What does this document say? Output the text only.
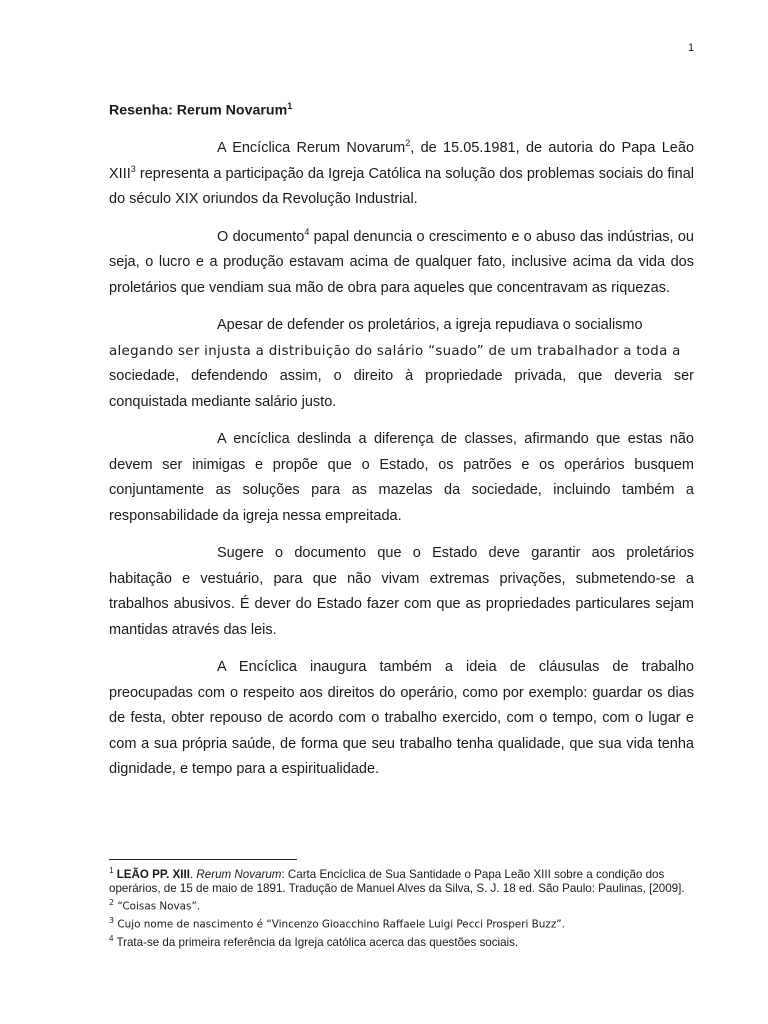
1
Resenha: Rerum Novarum$^1$

A Encíclica Rerum Novarum$^2$, de 15.05.1981, de autoria do Papa Leão XIII$^3$ representa a participação da Igreja Católica na solução dos problemas sociais do final do século XIX oriundos da Revolução Industrial.

O documento$^4$ papal denuncia o crescimento e o abuso das indústrias, ou seja, o lucro e a produção estavam acima de qualquer fato, inclusive acima da vida dos proletários que vendiam sua mão de obra para aqueles que concentravam as riquezas.

Apesar de defender os proletários, a igreja repudiava o socialismo
alegando ser injusta a distribuição do salário “suado” de um trabalhador a toda a
sociedade, defendendo assim, o direito à propriedade privada, que deveria ser conquistada mediante salário justo.

A encíclica deslinda a diferença de classes, afirmando que estas não devem ser inimigas e propõe que o Estado, os patrões e os operários busquem conjuntamente as soluções para as mazelas da sociedade, incluindo também a responsabilidade da igreja nessa empreitada.

Sugere o documento que o Estado deve garantir aos proletários habitação e vestuário, para que não vivam extremas privações, submetendo-se a trabalhos abusivos. É dever do Estado fazer com que as propriedades particulares sejam mantidas através das leis.

A Encíclica inaugura também a ideia de cláusulas de trabalho preocupadas com o respeito aos direitos do operário, como por exemplo: guardar os dias de festa, obter repouso de acordo com o trabalho exercido, com o tempo, com o lugar e com a sua própria saúde, de forma que seu trabalho tenha qualidade, que sua vida tenha dignidade, e tempo para a espiritualidade.

$^1$ LEÃO PP. XIII. Rerum Novarum: Carta Encíclica de Sua Santidade o Papa Leão XIII sobre a condição dos operários, de 15 de maio de 1891. Tradução de Manuel Alves da Silva, S. J. 18 ed. São Paulo: Paulinas, [2009].

$^2$ “Coisas Novas”.

$^3$ Cujo nome de nascimento é “Vincenzo Gioacchino Raffaele Luigi Pecci Prosperi Buzz”.

$^4$ Trata-se da primeira referência da Igreja católica acerca das questões sociais.
